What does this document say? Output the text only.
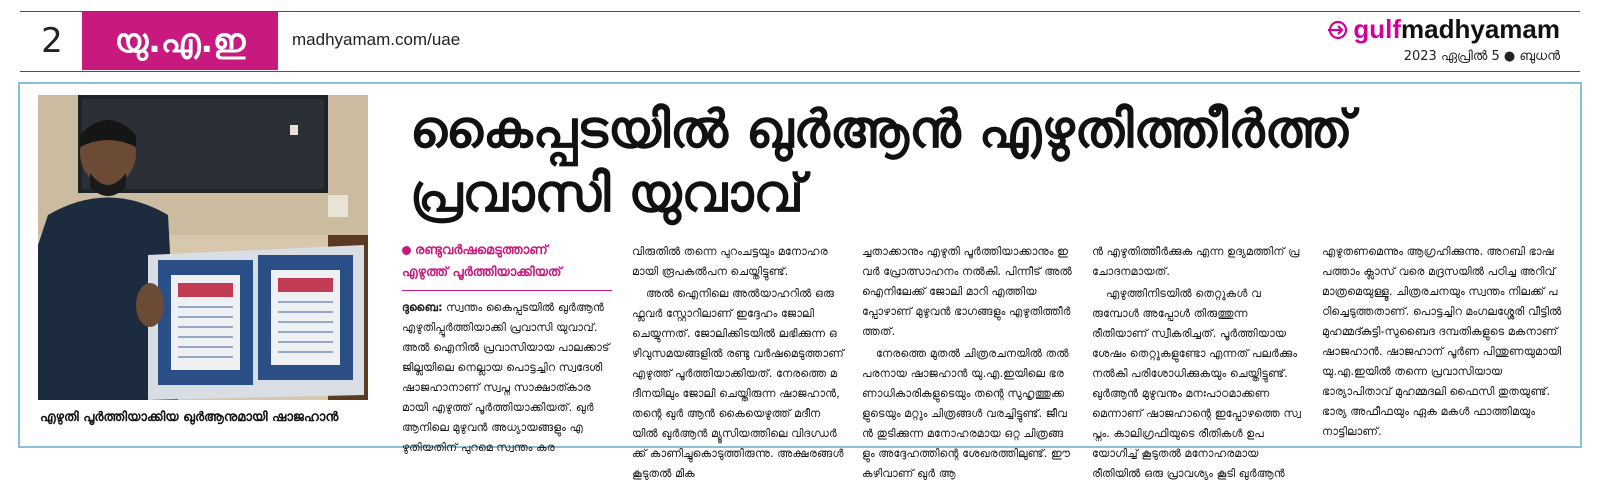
2	യു.എ.ഇ	madhyamam.com/uae	gulf madhyamam
2023 ഏപ്രിൽ 5 ● ബുധൻ
എഴുതി പൂർത്തിയാക്കിയ ഖുർആനുമായി ഷാജഹാൻ
കൈപ്പടയിൽ ഖുർആൻ എഴുതിത്തീർത്ത് പ്രവാസി യുവാവ്
രണ്ടുവർഷമെടുത്താണ്
എഴുത്ത് പൂർത്തിയാക്കിയത്

ദുബൈ: സ്വന്തം കൈപ്പടയിൽ ഖുർആൻ എഴുതിപ്പൂർത്തിയാക്കി പ്രവാസി യുവാവ്. അൽ ഐനിൽ പ്രവാസിയായ പാലക്കാട് ജില്ലയിലെ നെല്ലായ പൊട്ടച്ചിറ സ്വദേശി ഷാജഹാനാണ് സ്വപ്ന സാക്ഷാത്കാരമായി എഴുത്ത് പൂർത്തിയാക്കിയത്. ഖുർ ആനിലെ മുഴുവൻ അധ്യായങ്ങളും എഴുതിയതിന് പുറമെ സ്വന്തം കര

വിരുതിൽ തന്നെ പുറംചട്ടയും മനോഹരമായി രൂപകൽപന ചെയ്തിട്ടുണ്ട്.

അൽ ഐനിലെ അൽയാഹറിൽ ഒരു ഫ്ലവർ സ്റ്റോറിലാണ് ഇദ്ദേഹം ജോലി ചെയ്യുന്നത്. ജോലിക്കിടയിൽ ലഭിക്കുന്ന ഒഴിവുസമയങ്ങളിൽ രണ്ടു വർഷമെടുത്താണ് എഴുത്ത് പൂർത്തിയാക്കിയത്. നേരത്തെ മദീനയിലും ജോലി ചെയ്തിരുന്ന ഷാജഹാൻ, തന്റെ ഖുർ ആൻ കൈയെഴുത്ത് മദീനയിൽ ഖുർആൻ മ്യൂസിയത്തിലെ വിദഗ്ധർക്ക് കാണിച്ചുകൊടുത്തിരുന്നു. അക്ഷരങ്ങൾ കൂടുതൽ മിക

ച്ചതാക്കാനും എഴുതി പൂർത്തിയാക്കാനും ഇവർ പ്രോത്സാഹനം നൽകി. പിന്നീട് അൽ ഐനിലേക്ക് ജോലി മാറി എത്തിയപ്പോഴാണ് മുഴുവൻ ഭാഗങ്ങളും എഴുതിത്തീർത്തത്.

നേരത്തെ മുതൽ ചിത്രരചനയിൽ തൽപരനായ ഷാജഹാൻ യു.എ.ഇയിലെ ഭരണാധികാരികളുടെയും തന്റെ സുഹൃത്തുക്കളുടെയും മറ്റും ചിത്രങ്ങൾ വരച്ചിട്ടുണ്ട്. ജീവൻ തുടിക്കുന്ന മനോഹരമായ ഒറ്റ ചിത്രങ്ങളും അദ്ദേഹത്തിന്റെ ശേഖരത്തിലുണ്ട്. ഈ കഴിവാണ് ഖുർ ആ

ൻ എഴുതിത്തീർക്കുക എന്ന ഉദ്യമത്തിന് പ്രചോദനമായത്.

എഴുത്തിനിടയിൽ തെറ്റുകൾ വരുമ്പോൾ അപ്പോൾ തിരുത്തുന്ന രീതിയാണ് സ്വീകരിച്ചത്. പൂർത്തിയായ ശേഷം തെറ്റുകളുണ്ടോ എന്നത് പലർക്കും നൽകി പരിശോധിക്കുകയും ചെയ്തിട്ടുണ്ട്. ഖുർആൻ മുഴുവനും മനഃപാഠമാക്കണമെന്നാണ് ഷാജഹാന്റെ ഇപ്പോഴത്തെ സ്വപ്നം. കാലിഗ്രഫിയുടെ രീതികൾ ഉപയോഗിച്ച് കൂടുതൽ മനോഹരമായ രീതിയിൽ ഒരു പ്രാവശ്യം കൂടി ഖുർആൻ

എഴുതണമെന്നും ആഗ്രഹിക്കുന്നു. അറബി ഭാഷ പത്താം ക്ലാസ് വരെ മദ്രസയിൽ പഠിച്ച അറിവ് മാത്രമെയുള്ളൂ. ചിത്രരചനയും സ്വന്തം നിലക്ക് പഠിച്ചെടുത്തതാണ്. പൊട്ടച്ചിറ മംഗലശ്ശേരി വീട്ടിൽ മുഹമ്മദ്കുട്ടി-സുബൈദ ദമ്പതികളുടെ മകനാണ് ഷാജഹാൻ. ഷാജഹാന് പൂർണ പിന്തുണയുമായി യു.എ.ഇയിൽ തന്നെ പ്രവാസിയായ ഭാര്യാപിതാവ് മുഹമ്മദലി ഫൈസി തുതയുണ്ട്. ഭാര്യ അഫീഫയും ഏക മകൾ ഫാത്തിമയും നാട്ടിലാണ്.
